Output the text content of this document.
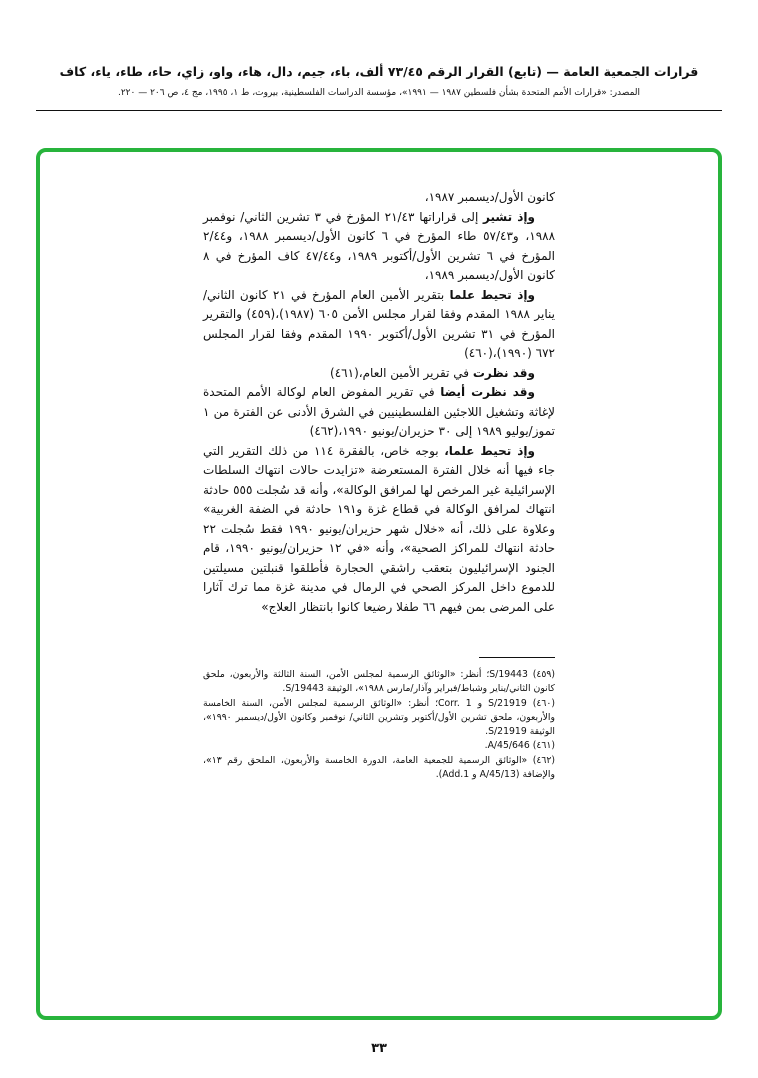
قرارات الجمعية العامة — (تابع) القرار الرقم ٧٣/٤٥ ألف، باء، جيم، دال، هاء، واو، زاي، حاء، طاء، ياء، كاف
المصدر: «قرارات الأمم المتحدة بشأن فلسطين ١٩٨٧ — ١٩٩١»، مؤسسة الدراسات الفلسطينية، بيروت، ط ١، ١٩٩٥، مج ٤، ص ٢٠٦ — ٢٢٠.

كانون الأول/ديسمبر ١٩٨٧،

وإذ تشير إلى قراراتها ٢١/٤٣ المؤرخ في ٣ تشرين الثاني/ نوفمبر ١٩٨٨، و٥٧/٤٣ طاء المؤرخ في ٦ كانون الأول/ديسمبر ١٩٨٨، و٢/٤٤ المؤرخ في ٦ تشرين الأول/أكتوبر ١٩٨٩، و٤٧/٤٤ كاف المؤرخ في ٨ كانون الأول/ديسمبر ١٩٨٩،

وإذ تحيط علما بتقرير الأمين العام المؤرخ في ٢١ كانون الثاني/يناير ١٩٨٨ المقدم وفقا لقرار مجلس الأمن ٦٠٥ (١٩٨٧)،(٤٥٩) والتقرير المؤرخ في ٣١ تشرين الأول/أكتوبر ١٩٩٠ المقدم وفقا لقرار المجلس ٦٧٢ (١٩٩٠)،(٤٦٠)

وقد نظرت في تقرير الأمين العام،(٤٦١)

وقد نظرت أيضا في تقرير المفوض العام لوكالة الأمم المتحدة لإغاثة وتشغيل اللاجئين الفلسطينيين في الشرق الأدنى عن الفترة من ١ تموز/يوليو ١٩٨٩ إلى ٣٠ حزيران/يونيو ١٩٩٠،(٤٦٢)

وإذ تحيط علما، بوجه خاص، بالفقرة ١١٤ من ذلك التقرير التي جاء فيها أنه خلال الفترة المستعرضة «تزايدت حالات انتهاك السلطات الإسرائيلية غير المرخص لها لمرافق الوكالة»، وأنه قد سُجلت ٥٥٥ حادثة انتهاك لمرافق الوكالة في قطاع غزة و١٩١ حادثة في الضفة الغربية» وعلاوة على ذلك، أنه «خلال شهر حزيران/يونيو ١٩٩٠ فقط سُجلت ٢٢ حادثة انتهاك للمراكز الصحية»، وأنه «في ١٢ حزيران/يونيو ١٩٩٠، قام الجنود الإسرائيليون بتعقب راشقي الحجارة فأطلقوا قنبلتين مسيلتين للدموع داخل المركز الصحي في الرمال في مدينة غزة مما ترك آثارا على المرضى بمن فيهم ٦٦ طفلا رضيعا كانوا بانتظار العلاج»

(٤٥٩) S/19443؛ أنظر: «الوثائق الرسمية لمجلس الأمن، السنة الثالثة والأربعون، ملحق كانون الثاني/يناير وشباط/فبراير وآذار/مارس ١٩٨٨»، الوثيقة S/19443.

(٤٦٠) S/21919 و Corr. 1؛ أنظر: «الوثائق الرسمية لمجلس الأمن، السنة الخامسة والأربعون، ملحق تشرين الأول/أكتوبر وتشرين الثاني/ نوفمبر وكانون الأول/ديسمبر ١٩٩٠»، الوثيقة S/21919.

(٤٦١) A/45/646.

(٤٦٢) «الوثائق الرسمية للجمعية العامة، الدورة الخامسة والأربعون، الملحق رقم ١٣»، والإضافة (A/45/13 و Add.1).

٣٣
